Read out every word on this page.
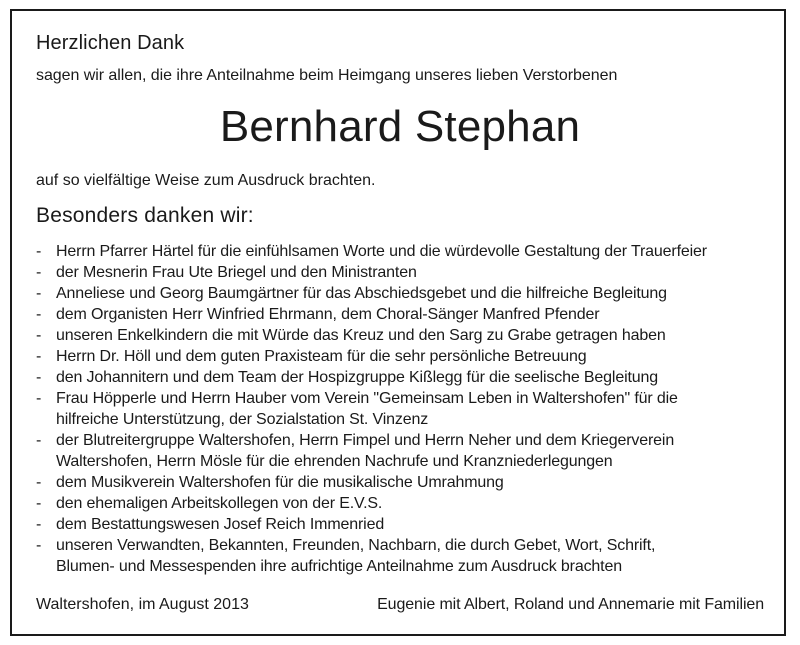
Herzlichen Dank
sagen wir allen, die ihre Anteilnahme beim Heimgang unseres lieben Verstorbenen
Bernhard Stephan
auf so vielfältige Weise zum Ausdruck brachten.
Besonders danken wir:
- Herrn Pfarrer Härtel für die einfühlsamen Worte und die würdevolle Gestaltung der Trauerfeier
- der Mesnerin Frau Ute Briegel und den Ministranten
- Anneliese und Georg Baumgärtner für das Abschiedsgebet und die hilfreiche Begleitung
- dem Organisten Herr Winfried Ehrmann, dem Choral-Sänger Manfred Pfender
- unseren Enkelkindern die mit Würde das Kreuz und den Sarg zu Grabe getragen haben
- Herrn Dr. Höll und dem guten Praxisteam für die sehr persönliche Betreuung
- den Johannitern und dem Team der Hospizgruppe Kißlegg für die seelische Begleitung
- Frau Höpperle und Herrn Hauber vom Verein "Gemeinsam Leben in Waltershofen" für die
hilfreiche Unterstützung, der Sozialstation St. Vinzenz
- der Blutreitergruppe Waltershofen, Herrn Fimpel und Herrn Neher und dem Kriegerverein
Waltershofen, Herrn Mösle für die ehrenden Nachrufe und Kranzniederlegungen
- dem Musikverein Waltershofen für die musikalische Umrahmung
- den ehemaligen Arbeitskollegen von der E.V.S.
- dem Bestattungswesen Josef Reich Immenried
- unseren Verwandten, Bekannten, Freunden, Nachbarn, die durch Gebet, Wort, Schrift,
Blumen- und Messespenden ihre aufrichtige Anteilnahme zum Ausdruck brachten
Waltershofen, im August 2013	Eugenie mit Albert, Roland und Annemarie mit Familien
